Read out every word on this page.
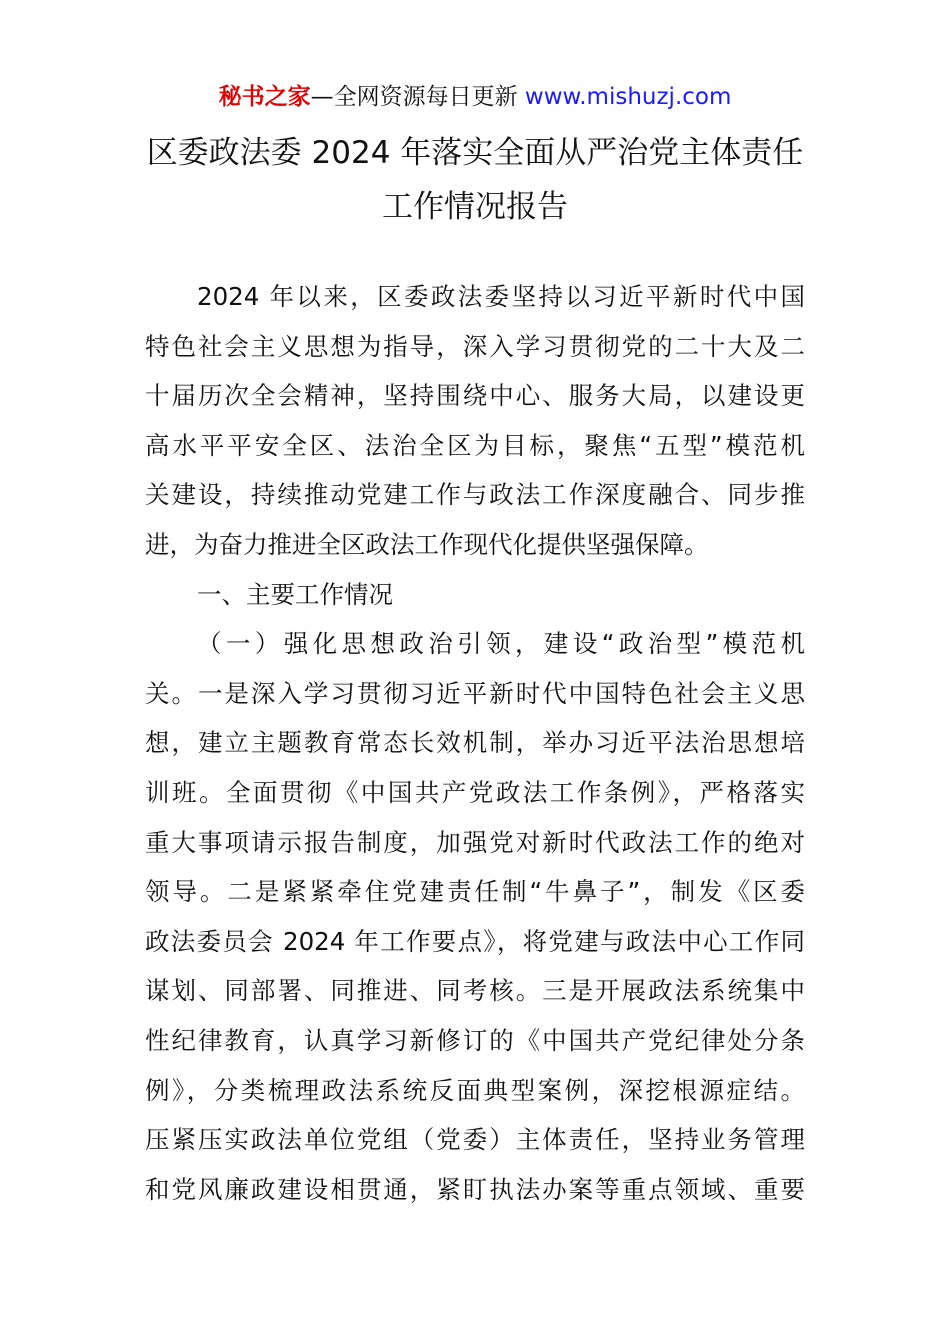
秘书之家—全网资源每日更新 www.mishuzj.com
区委政法委 2024 年落实全面从严治党主体责任
工作情况报告
2024 年以来，区委政法委坚持以习近平新时代中国
特色社会主义思想为指导，深入学习贯彻党的二十大及二
十届历次全会精神，坚持围绕中心、服务大局，以建设更
高水平平安全区、法治全区为目标，聚焦“五型”模范机
关建设，持续推动党建工作与政法工作深度融合、同步推
进，为奋力推进全区政法工作现代化提供坚强保障。
一、主要工作情况
（一）强化思想政治引领，建设“政治型”模范机
关。一是深入学习贯彻习近平新时代中国特色社会主义思
想，建立主题教育常态长效机制，举办习近平法治思想培
训班。全面贯彻《中国共产党政法工作条例》，严格落实
重大事项请示报告制度，加强党对新时代政法工作的绝对
领导。二是紧紧牵住党建责任制“牛鼻子”，制发《区委
政法委员会 2024 年工作要点》，将党建与政法中心工作同
谋划、同部署、同推进、同考核。三是开展政法系统集中
性纪律教育，认真学习新修订的《中国共产党纪律处分条
例》，分类梳理政法系统反面典型案例，深挖根源症结。
压紧压实政法单位党组（党委）主体责任，坚持业务管理
和党风廉政建设相贯通，紧盯执法办案等重点领域、重要
